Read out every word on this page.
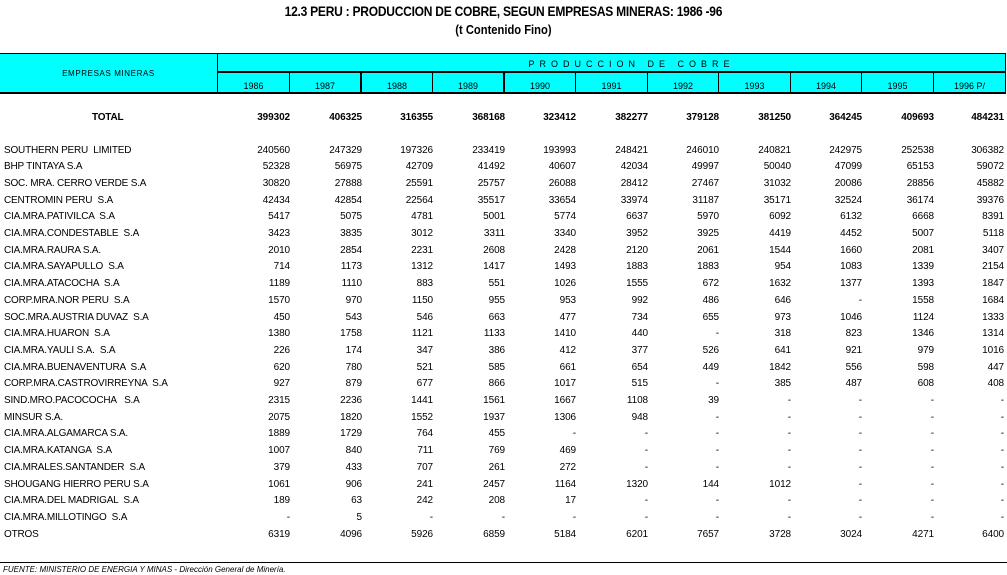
12.3 PERU : PRODUCCION DE COBRE, SEGUN EMPRESAS MINERAS: 1986 -96
(t Contenido Fino)
EMPRESAS MINERAS
PRODUCCION DE COBRE
1986	1987	1988	1989	1990	1991	1992	1993	1994	1995	1996 P/
TOTAL	399302	406325	316355	368168	323412	382277	379128	381250	364245	409693	484231
SOUTHERN PERU  LIMITED	240560	247329	197326	233419	193993	248421	246010	240821	242975	252538	306382
BHP TINTAYA S.A	52328	56975	42709	41492	40607	42034	49997	50040	47099	65153	59072
SOC. MRA. CERRO VERDE S.A	30820	27888	25591	25757	26088	28412	27467	31032	20086	28856	45882
CENTROMIN PERU  S.A	42434	42854	22564	35517	33654	33974	31187	35171	32524	36174	39376
CIA.MRA.PATIVILCA  S.A	5417	5075	4781	5001	5774	6637	5970	6092	6132	6668	8391
CIA.MRA.CONDESTABLE  S.A	3423	3835	3012	3311	3340	3952	3925	4419	4452	5007	5118
CIA.MRA.RAURA S.A.	2010	2854	2231	2608	2428	2120	2061	1544	1660	2081	3407
CIA.MRA.SAYAPULLO  S.A	714	1173	1312	1417	1493	1883	1883	954	1083	1339	2154
CIA.MRA.ATACOCHA  S.A	1189	1110	883	551	1026	1555	672	1632	1377	1393	1847
CORP.MRA.NOR PERU  S.A	1570	970	1150	955	953	992	486	646	-	1558	1684
SOC.MRA.AUSTRIA DUVAZ  S.A	450	543	546	663	477	734	655	973	1046	1124	1333
CIA.MRA.HUARON  S.A	1380	1758	1121	1133	1410	440	-	318	823	1346	1314
CIA.MRA.YAULI S.A.  S.A	226	174	347	386	412	377	526	641	921	979	1016
CIA.MRA.BUENAVENTURA  S.A	620	780	521	585	661	654	449	1842	556	598	447
CORP.MRA.CASTROVIRREYNA  S.A	927	879	677	866	1017	515	-	385	487	608	408
SIND.MRO.PACOCOCHA   S.A	2315	2236	1441	1561	1667	1108	39	-	-	-	-
MINSUR S.A.	2075	1820	1552	1937	1306	948	-	-	-	-	-
CIA.MRA.ALGAMARCA S.A.	1889	1729	764	455	-	-	-	-	-	-	-
CIA.MRA.KATANGA  S.A	1007	840	711	769	469	-	-	-	-	-	-
CIA.MRALES.SANTANDER  S.A	379	433	707	261	272	-	-	-	-	-	-
SHOUGANG HIERRO PERU S.A	1061	906	241	2457	1164	1320	144	1012	-	-	-
CIA.MRA.DEL MADRIGAL  S.A	189	63	242	208	17	-	-	-	-	-	-
CIA.MRA.MILLOTINGO  S.A	-	5	-	-	-	-	-	-	-	-	-
OTROS	6319	4096	5926	6859	5184	6201	7657	3728	3024	4271	6400
FUENTE: MINISTERIO DE ENERGIA Y MINAS - Dirección General de Minería.
